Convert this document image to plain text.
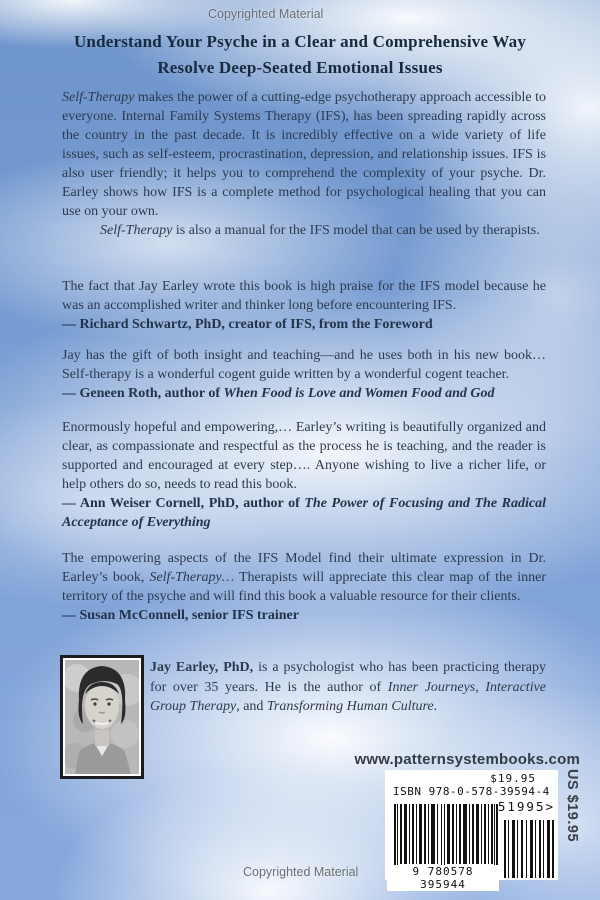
Copyrighted Material
Understand Your Psyche in a Clear and Comprehensive Way
Resolve Deep-Seated Emotional Issues

Self-Therapy makes the power of a cutting-edge psychotherapy approach accessible to everyone. Internal Family Systems Therapy (IFS), has been spreading rapidly across the country in the past decade. It is incredibly effective on a wide variety of life issues, such as self-esteem, procrastination, depression, and relationship issues. IFS is also user friendly; it helps you to comprehend the complexity of your psyche. Dr. Earley shows how IFS is a complete method for psychological healing that you can use on your own.

Self-Therapy is also a manual for the IFS model that can be used by therapists.

The fact that Jay Earley wrote this book is high praise for the IFS model because he was an accomplished writer and thinker long before encountering IFS.
— Richard Schwartz, PhD, creator of IFS, from the Foreword
Jay has the gift of both insight and teaching—and he uses both in his new book… Self-therapy is a wonderful cogent guide written by a wonderful cogent teacher.
— Geneen Roth, author of When Food is Love and Women Food and God
Enormously hopeful and empowering,… Earley’s writing is beautifully organized and clear, as compassionate and respectful as the process he is teaching, and the reader is supported and encouraged at every step…. Anyone wishing to live a richer life, or help others do so, needs to read this book.
— Ann Weiser Cornell, PhD, author of The Power of Focusing and The Radical Acceptance of Everything
The empowering aspects of the IFS Model find their ultimate expression in Dr. Earley’s book, Self-Therapy… Therapists will appreciate this clear map of the inner territory of the psyche and will find this book a valuable resource for their clients.
— Susan McConnell, senior IFS trainer
Jay Earley, PhD, is a psychologist who has been practicing therapy for over 35 years. He is the author of Inner Journeys, Interactive Group Therapy, and Transforming Human Culture.
www.patternsystembooks.com
$19.95
ISBN 978-0-578-39594-4
51995>
9 780578 395944
US $19.95
Copyrighted Material
